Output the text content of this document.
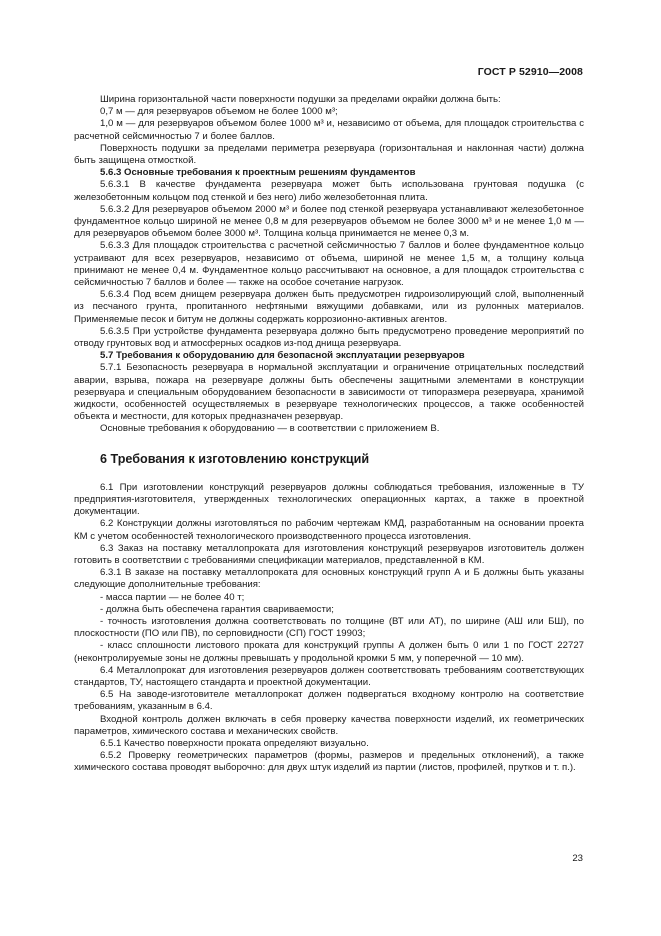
ГОСТ Р 52910—2008

Ширина горизонтальной части поверхности подушки за пределами окрайки должна быть:

0,7 м — для резервуаров объемом не более 1000 м³;

1,0 м — для резервуаров объемом более 1000 м³ и, независимо от объема, для площадок строительства с расчетной сейсмичностью 7 и более баллов.

Поверхность подушки за пределами периметра резервуара (горизонтальная и наклонная части) должна быть защищена отмосткой.

5.6.3 Основные требования к проектным решениям фундаментов

5.6.3.1 В качестве фундамента резервуара может быть использована грунтовая подушка (с железобетонным кольцом под стенкой и без него) либо железобетонная плита.

5.6.3.2 Для резервуаров объемом 2000 м³ и более под стенкой резервуара устанавливают железобетонное фундаментное кольцо шириной не менее 0,8 м для резервуаров объемом не более 3000 м³ и не менее 1,0 м — для резервуаров объемом более 3000 м³. Толщина кольца принимается не менее 0,3 м.

5.6.3.3 Для площадок строительства с расчетной сейсмичностью 7 баллов и более фундаментное кольцо устраивают для всех резервуаров, независимо от объема, шириной не менее 1,5 м, а толщину кольца принимают не менее 0,4 м. Фундаментное кольцо рассчитывают на основное, а для площадок строительства с сейсмичностью 7 баллов и более — также на особое сочетание нагрузок.

5.6.3.4 Под всем днищем резервуара должен быть предусмотрен гидроизолирующий слой, выполненный из песчаного грунта, пропитанного нефтяными вяжущими добавками, или из рулонных материалов. Применяемые песок и битум не должны содержать коррозионно-активных агентов.

5.6.3.5 При устройстве фундамента резервуара должно быть предусмотрено проведение мероприятий по отводу грунтовых вод и атмосферных осадков из-под днища резервуара.

5.7 Требования к оборудованию для безопасной эксплуатации резервуаров

5.7.1 Безопасность резервуара в нормальной эксплуатации и ограничение отрицательных последствий аварии, взрыва, пожара на резервуаре должны быть обеспечены защитными элементами в конструкции резервуара и специальным оборудованием безопасности в зависимости от типоразмера резервуара, хранимой жидкости, особенностей осуществляемых в резервуаре технологических процессов, а также особенностей объекта и местности, для которых предназначен резервуар.

Основные требования к оборудованию — в соответствии с приложением В.

6 Требования к изготовлению конструкций

6.1 При изготовлении конструкций резервуаров должны соблюдаться требования, изложенные в ТУ предприятия-изготовителя, утвержденных технологических операционных картах, а также в проектной документации.

6.2 Конструкции должны изготовляться по рабочим чертежам КМД, разработанным на основании проекта КМ с учетом особенностей технологического производственного процесса изготовления.

6.3 Заказ на поставку металлопроката для изготовления конструкций резервуаров изготовитель должен готовить в соответствии с требованиями спецификации материалов, представленной в КМ.

6.3.1 В заказе на поставку металлопроката для основных конструкций групп А и Б должны быть указаны следующие дополнительные требования:

- масса партии — не более 40 т;

- должна быть обеспечена гарантия свариваемости;

- точность изготовления должна соответствовать по толщине (ВТ или АТ), по ширине (АШ или БШ), по плоскостности (ПО или ПВ), по серповидности (СП) ГОСТ 19903;

- класс сплошности листового проката для конструкций группы А должен быть 0 или 1 по ГОСТ 22727 (неконтролируемые зоны не должны превышать у продольной кромки 5 мм, у поперечной — 10 мм).

6.4 Металлопрокат для изготовления резервуаров должен соответствовать требованиям соответствующих стандартов, ТУ, настоящего стандарта и проектной документации.

6.5 На заводе-изготовителе металлопрокат должен подвергаться входному контролю на соответствие требованиям, указанным в 6.4.

Входной контроль должен включать в себя проверку качества поверхности изделий, их геометрических параметров, химического состава и механических свойств.

6.5.1 Качество поверхности проката определяют визуально.

6.5.2 Проверку геометрических параметров (формы, размеров и предельных отклонений), а также химического состава проводят выборочно: для двух штук изделий из партии (листов, профилей, прутков и т. п.).

23
